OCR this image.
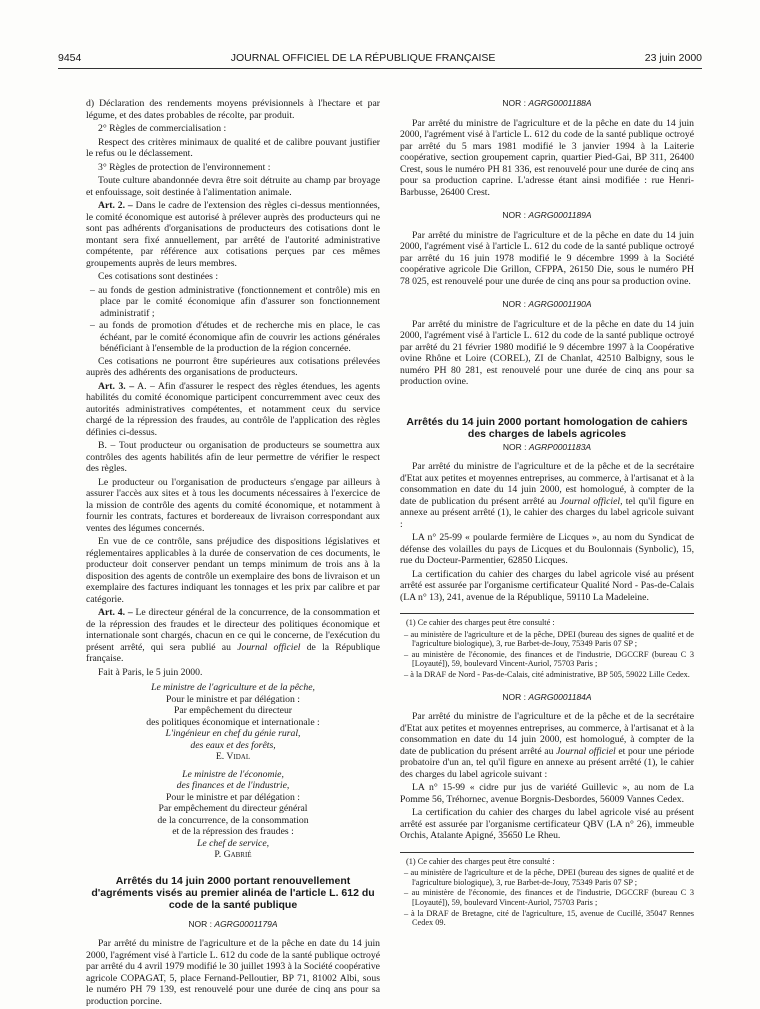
9454	JOURNAL OFFICIEL DE LA RÉPUBLIQUE FRANÇAISE	23 juin 2000

d) Déclaration des rendements moyens prévisionnels à l'hectare et par légume, et des dates probables de récolte, par produit.

2° Règles de commercialisation :

Respect des critères minimaux de qualité et de calibre pouvant justifier le refus ou le déclassement.

3° Règles de protection de l'environnement :

Toute culture abandonnée devra être soit détruite au champ par broyage et enfouissage, soit destinée à l'alimentation animale.

Art. 2. – Dans le cadre de l'extension des règles ci-dessus mentionnées, le comité économique est autorisé à prélever auprès des producteurs qui ne sont pas adhérents d'organisations de producteurs des cotisations dont le montant sera fixé annuellement, par arrêté de l'autorité administrative compétente, par référence aux cotisations perçues par ces mêmes groupements auprès de leurs membres.

Ces cotisations sont destinées :

– au fonds de gestion administrative (fonctionnement et contrôle) mis en place par le comité économique afin d'assurer son fonctionnement administratif ;

– au fonds de promotion d'études et de recherche mis en place, le cas échéant, par le comité économique afin de couvrir les actions générales bénéficiant à l'ensemble de la production de la région concernée.

Ces cotisations ne pourront être supérieures aux cotisations prélevées auprès des adhérents des organisations de producteurs.

Art. 3. – A. – Afin d'assurer le respect des règles étendues, les agents habilités du comité économique participent concurremment avec ceux des autorités administratives compétentes, et notamment ceux du service chargé de la répression des fraudes, au contrôle de l'application des règles définies ci-dessus.

B. – Tout producteur ou organisation de producteurs se soumettra aux contrôles des agents habilités afin de leur permettre de vérifier le respect des règles.

Le producteur ou l'organisation de producteurs s'engage par ailleurs à assurer l'accès aux sites et à tous les documents nécessaires à l'exercice de la mission de contrôle des agents du comité économique, et notamment à fournir les contrats, factures et bordereaux de livraison correspondant aux ventes des légumes concernés.

En vue de ce contrôle, sans préjudice des dispositions législatives et réglementaires applicables à la durée de conservation de ces documents, le producteur doit conserver pendant un temps minimum de trois ans à la disposition des agents de contrôle un exemplaire des bons de livraison et un exemplaire des factures indiquant les tonnages et les prix par calibre et par catégorie.

Art. 4. – Le directeur général de la concurrence, de la consommation et de la répression des fraudes et le directeur des politiques économique et internationale sont chargés, chacun en ce qui le concerne, de l'exécution du présent arrêté, qui sera publié au Journal officiel de la République française.

Fait à Paris, le 5 juin 2000.

Le ministre de l'agriculture et de la pêche,

Pour le ministre et par délégation :

Par empêchement du directeur

des politiques économique et internationale :

L'ingénieur en chef du génie rural,

des eaux et des forêts,

E. Vidal

Le ministre de l'économie,

des finances et de l'industrie,

Pour le ministre et par délégation :

Par empêchement du directeur général

de la concurrence, de la consommation

et de la répression des fraudes :

Le chef de service,

P. Gabrié

Arrêtés du 14 juin 2000 portant renouvellement d'agréments visés au premier alinéa de l'article L. 612 du code de la santé publique

NOR : AGRG0001179A

Par arrêté du ministre de l'agriculture et de la pêche en date du 14 juin 2000, l'agrément visé à l'article L. 612 du code de la santé publique octroyé par arrêté du 4 avril 1979 modifié le 30 juillet 1993 à la Société coopérative agricole COPAGAT, 5, place Fernand-Pelloutier, BP 71, 81002 Albi, sous le numéro PH 79 139, est renouvelé pour une durée de cinq ans pour sa production porcine.

NOR : AGRG0001188A

Par arrêté du ministre de l'agriculture et de la pêche en date du 14 juin 2000, l'agrément visé à l'article L. 612 du code de la santé publique octroyé par arrêté du 5 mars 1981 modifié le 3 janvier 1994 à la Laiterie coopérative, section groupement caprin, quartier Pied-Gai, BP 311, 26400 Crest, sous le numéro PH 81 336, est renouvelé pour une durée de cinq ans pour sa production caprine. L'adresse étant ainsi modifiée : rue Henri-Barbusse, 26400 Crest.

NOR : AGRG0001189A

Par arrêté du ministre de l'agriculture et de la pêche en date du 14 juin 2000, l'agrément visé à l'article L. 612 du code de la santé publique octroyé par arrêté du 16 juin 1978 modifié le 9 décembre 1999 à la Société coopérative agricole Die Grillon, CFPPA, 26150 Die, sous le numéro PH 78 025, est renouvelé pour une durée de cinq ans pour sa production ovine.

NOR : AGRG0001190A

Par arrêté du ministre de l'agriculture et de la pêche en date du 14 juin 2000, l'agrément visé à l'article L. 612 du code de la santé publique octroyé par arrêté du 21 février 1980 modifié le 9 décembre 1997 à la Coopérative ovine Rhône et Loire (COREL), ZI de Chanlat, 42510 Balbigny, sous le numéro PH 80 281, est renouvelé pour une durée de cinq ans pour sa production ovine.

Arrêtés du 14 juin 2000 portant homologation de cahiers des charges de labels agricoles

NOR : AGRP0001183A

Par arrêté du ministre de l'agriculture et de la pêche et de la secrétaire d'Etat aux petites et moyennes entreprises, au commerce, à l'artisanat et à la consommation en date du 14 juin 2000, est homologué, à compter de la date de publication du présent arrêté au Journal officiel, tel qu'il figure en annexe au présent arrêté (1), le cahier des charges du label agricole suivant :

LA n° 25-99 « poularde fermière de Licques », au nom du Syndicat de défense des volailles du pays de Licques et du Boulonnais (Synbolic), 15, rue du Docteur-Parmentier, 62850 Licques.

La certification du cahier des charges du label agricole visé au présent arrêté est assurée par l'organisme certificateur Qualité Nord - Pas-de-Calais (LA n° 13), 241, avenue de la République, 59110 La Madeleine.

(1) Ce cahier des charges peut être consulté :

– au ministère de l'agriculture et de la pêche, DPEI (bureau des signes de qualité et de l'agriculture biologique), 3, rue Barbet-de-Jouy, 75349 Paris 07 SP ;

– au ministère de l'économie, des finances et de l'industrie, DGCCRF (bureau C 3 [Loyauté]), 59, boulevard Vincent-Auriol, 75703 Paris ;

– à la DRAF de Nord - Pas-de-Calais, cité administrative, BP 505, 59022 Lille Cedex.

NOR : AGRG0001184A

Par arrêté du ministre de l'agriculture et de la pêche et de la secrétaire d'Etat aux petites et moyennes entreprises, au commerce, à l'artisanat et à la consommation en date du 14 juin 2000, est homologué, à compter de la date de publication du présent arrêté au Journal officiel et pour une période probatoire d'un an, tel qu'il figure en annexe au présent arrêté (1), le cahier des charges du label agricole suivant :

LA n° 15-99 « cidre pur jus de variété Guillevic », au nom de La Pomme 56, Tréhornec, avenue Borgnis-Desbordes, 56009 Vannes Cedex.

La certification du cahier des charges du label agricole visé au présent arrêté est assurée par l'organisme certificateur QBV (LA n° 26), immeuble Orchis, Atalante Apigné, 35650 Le Rheu.

(1) Ce cahier des charges peut être consulté :

– au ministère de l'agriculture et de la pêche, DPEI (bureau des signes de qualité et de l'agriculture biologique), 3, rue Barbet-de-Jouy, 75349 Paris 07 SP ;

– au ministère de l'économie, des finances et de l'industrie, DGCCRF (bureau C 3 [Loyauté]), 59, boulevard Vincent-Auriol, 75703 Paris ;

– à la DRAF de Bretagne, cité de l'agriculture, 15, avenue de Cucillé, 35047 Rennes Cedex 09.
